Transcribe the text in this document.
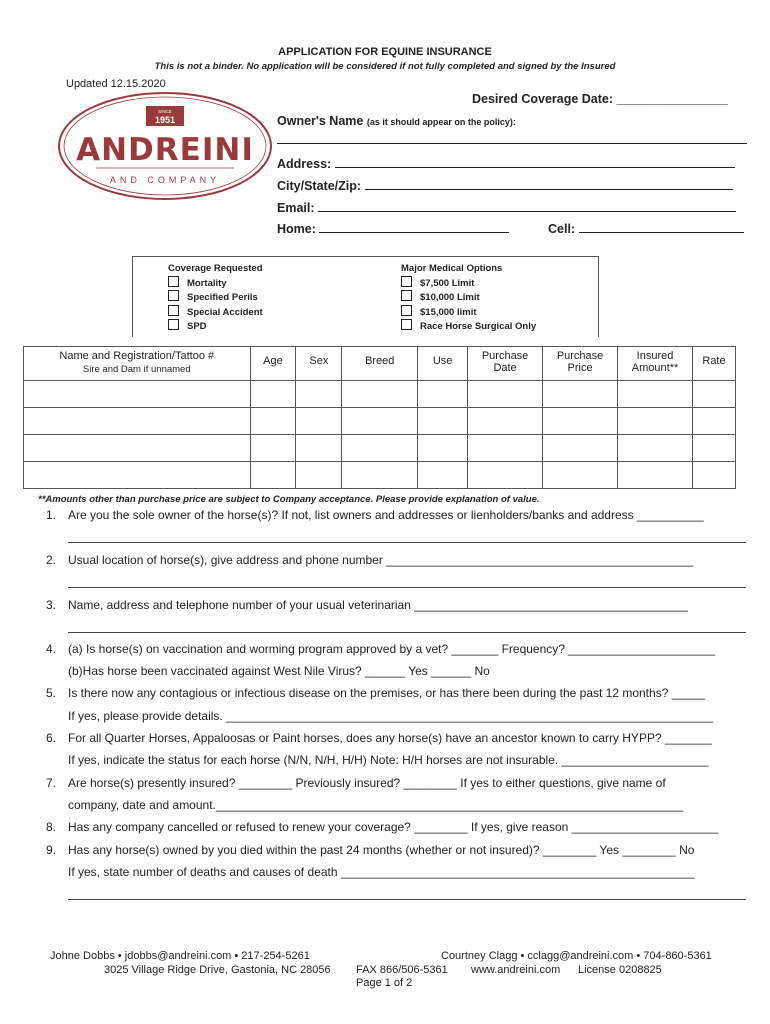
APPLICATION FOR EQUINE INSURANCE
This is not a binder. No application will be considered if not fully completed and signed by the Insured
Updated 12.15.2020
SINCE
1951
ANDREINI
AND COMPANY
Desired Coverage Date: ________________
Owner's Name (as it should appear on the policy):
Address:
City/State/Zip:
Email:
Home:	Cell:
Coverage Requested
Mortality
Specified Perils
Special Accident
SPD
Major Medical Options
$7,500 Limit
$10,000 Limit
$15,000 limit
Race Horse Surgical Only
Name and Registration/Tattoo #
Sire and Dam if unnamed	Age	Sex	Breed	Use	Purchase Date	Purchase Price	Insured Amount**	Rate

**Amounts other than purchase price are subject to Company acceptance. Please provide explanation of value.
1. Are you the sole owner of the horse(s)? If not, list owners and addresses or lienholders/banks and address __________
2. Usual location of horse(s), give address and phone number ______________________________________________
3. Name, address and telephone number of your usual veterinarian _________________________________________
4. (a) Is horse(s) on vaccination and worming program approved by a vet? _______ Frequency? ______________________
(b)Has horse been vaccinated against West Nile Virus? ______ Yes ______ No
5. Is there now any contagious or infectious disease on the premises, or has there been during the past 12 months? _____
If yes, please provide details. _________________________________________________________________________
6. For all Quarter Horses, Appaloosas or Paint horses, does any horse(s) have an ancestor known to carry HYPP? _______
If yes, indicate the status for each horse (N/N, N/H, H/H) Note: H/H horses are not insurable. ______________________
7. Are horse(s) presently insured? ________ Previously insured? ________ If yes to either questions, give name of
company, date and amount.______________________________________________________________________
8. Has any company cancelled or refused to renew your coverage? ________ If yes, give reason ______________________
9. Has any horse(s) owned by you died within the past 24 months (whether or not insured)? ________ Yes ________ No
If yes, state number of deaths and causes of death _____________________________________________________
Johne Dobbs • jdobbs@andreini.com • 217-254-5261
3025 Village Ridge Drive, Gastonia, NC 28056 FAX 866/506-5361
Courtney Clagg • cclagg@andreini.com • 704-860-5361
www.andreini.com License 0208825
Page 1 of 2
